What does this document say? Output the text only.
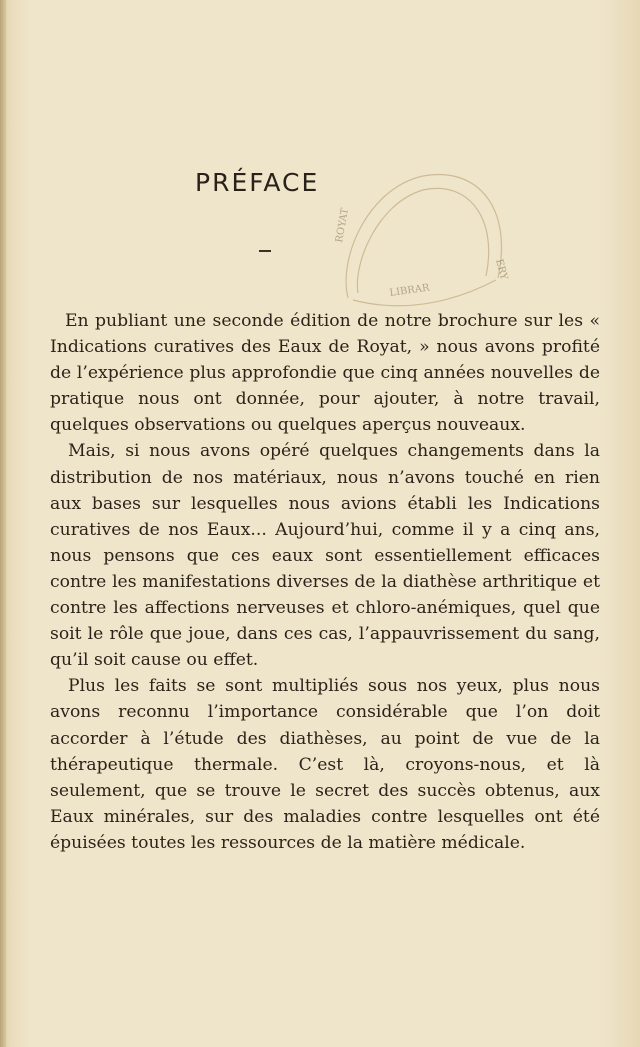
PRÉFACE
ROYAT
LIBRAR
ERY

En publiant une seconde édition de notre brochure sur les « Indications curatives des Eaux de Royat, » nous avons profité de l’expérience plus approfondie que cinq années nouvelles de pratique nous ont donnée, pour ajouter, à notre travail, quelques observations ou quelques aperçus nouveaux.

Mais, si nous avons opéré quelques changements dans la distribution de nos matériaux, nous n’avons touché en rien aux bases sur lesquelles nous avions établi les Indications curatives de nos Eaux... Aujourd’hui, comme il y a cinq ans, nous pensons que ces eaux sont essentiellement efficaces contre les manifestations diverses de la diathèse arthritique et contre les affections nerveuses et chloro-anémiques, quel que soit le rôle que joue, dans ces cas, l’appauvrissement du sang, qu’il soit cause ou effet.

Plus les faits se sont multipliés sous nos yeux, plus nous avons reconnu l’importance considérable que l’on doit accorder à l’étude des diathèses, au point de vue de la thérapeutique thermale. C’est là, croyons-nous, et là seulement, que se trouve le secret des succès obtenus, aux Eaux minérales, sur des maladies contre lesquelles ont été épuisées toutes les ressources de la matière médicale.
